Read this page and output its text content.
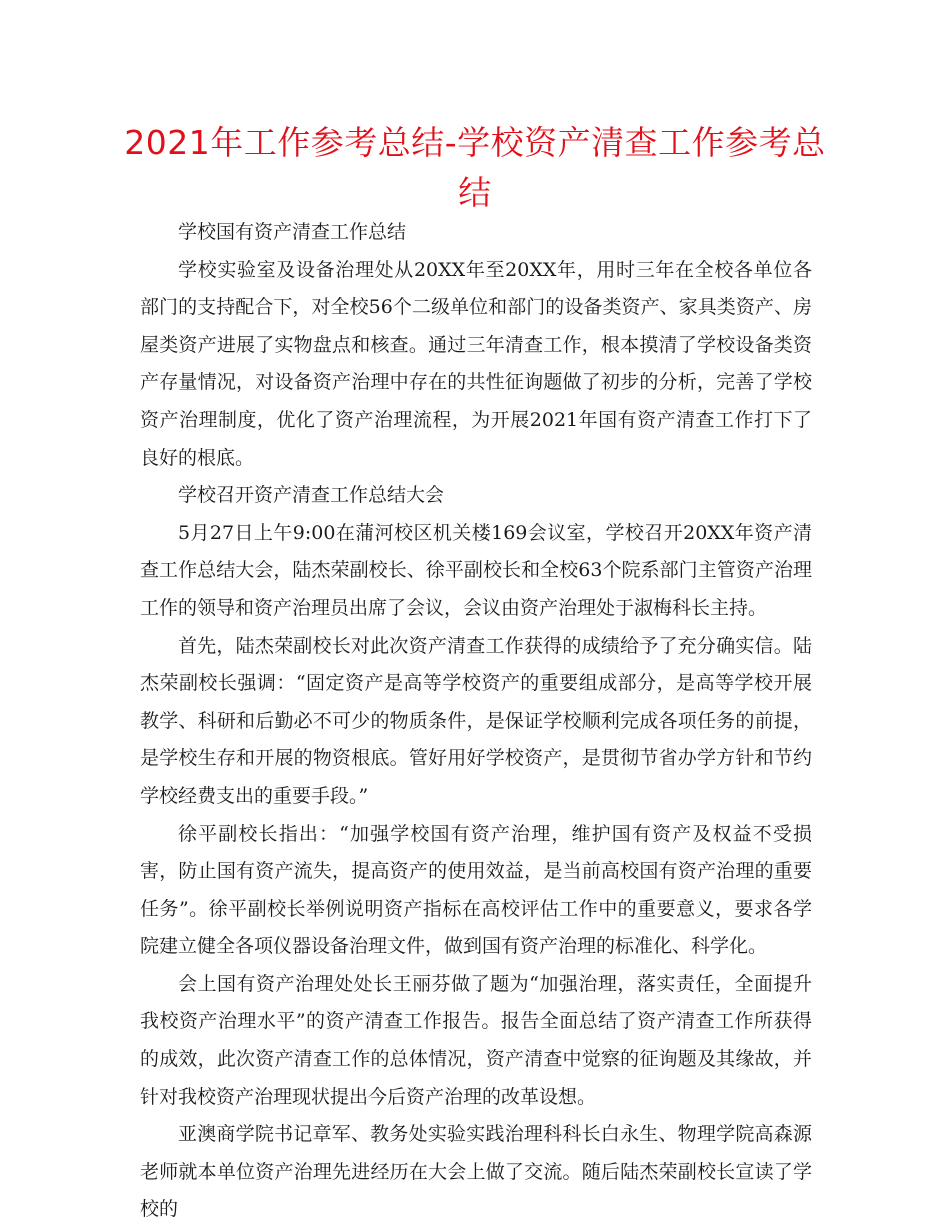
2021年工作参考总结-学校资产清查工作参考总结

学校国有资产清查工作总结

学校实验室及设备治理处从20XX年至20XX年，用时三年在全校各单位各部门的支持配合下，对全校56个二级单位和部门的设备类资产、家具类资产、房屋类资产进展了实物盘点和核查。通过三年清查工作，根本摸清了学校设备类资产存量情况，对设备资产治理中存在的共性征询题做了初步的分析，完善了学校资产治理制度，优化了资产治理流程，为开展2021年国有资产清查工作打下了良好的根底。

学校召开资产清查工作总结大会

5月27日上午9:00在蒲河校区机关楼169会议室，学校召开20XX年资产清查工作总结大会，陆杰荣副校长、徐平副校长和全校63个院系部门主管资产治理工作的领导和资产治理员出席了会议，会议由资产治理处于淑梅科长主持。

首先，陆杰荣副校长对此次资产清查工作获得的成绩给予了充分确实信。陆杰荣副校长强调：“固定资产是高等学校资产的重要组成部分，是高等学校开展教学、科研和后勤必不可少的物质条件，是保证学校顺利完成各项任务的前提，是学校生存和开展的物资根底。管好用好学校资产，是贯彻节省办学方针和节约学校经费支出的重要手段。”

徐平副校长指出：“加强学校国有资产治理，维护国有资产及权益不受损害，防止国有资产流失，提高资产的使用效益，是当前高校国有资产治理的重要任务”。徐平副校长举例说明资产指标在高校评估工作中的重要意义，要求各学院建立健全各项仪器设备治理文件，做到国有资产治理的标准化、科学化。

会上国有资产治理处处长王丽芬做了题为“加强治理，落实责任，全面提升我校资产治理水平”的资产清查工作报告。报告全面总结了资产清查工作所获得的成效，此次资产清查工作的总体情况，资产清查中觉察的征询题及其缘故，并针对我校资产治理现状提出今后资产治理的改革设想。

亚澳商学院书记章军、教务处实验实践治理科科长白永生、物理学院高森源老师就本单位资产治理先进经历在大会上做了交流。随后陆杰荣副校长宣读了学校的
